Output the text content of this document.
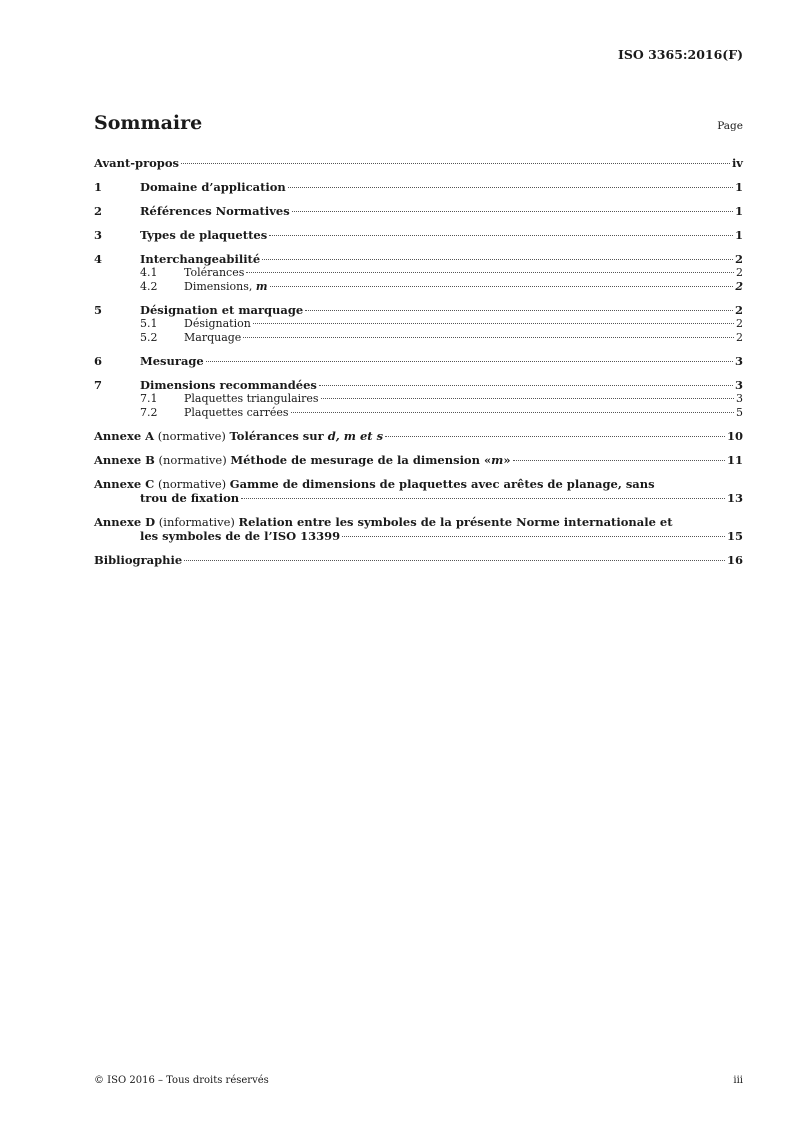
ISO 3365:2016(F)
Sommaire	Page
Avant-propos	iv
1	Domaine d’application	1
2	Références Normatives	1
3	Types de plaquettes	1
4	Interchangeabilité	2
4.1	Tolérances	2
4.2	Dimensions, m	2
5	Désignation et marquage	2
5.1	Désignation	2
5.2	Marquage	2
6	Mesurage	3
7	Dimensions recommandées	3
7.1	Plaquettes triangulaires	3
7.2	Plaquettes carrées	5
Annexe A (normative) Tolérances sur d, m et s	10
Annexe B (normative) Méthode de mesurage de la dimension « m »	11
Annexe C (normative) Gamme de dimensions de plaquettes avec arêtes de planage, sans
trou de fixation	13
Annexe D (informative) Relation entre les symboles de la présente Norme internationale et
les symboles de de l’ISO 13399	15
Bibliographie	16
© ISO 2016 – Tous droits réservés	iii
